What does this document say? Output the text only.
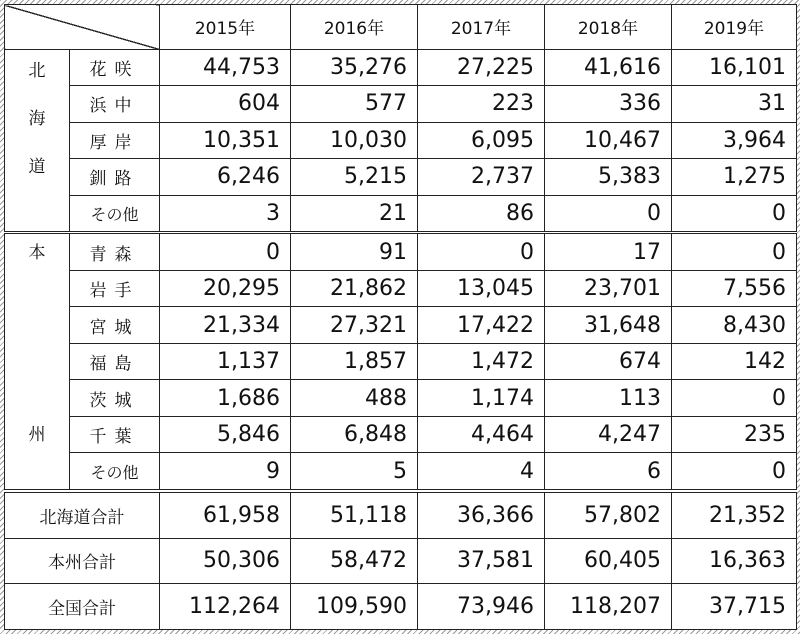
		2015年	2016年	2017年	2018年	2019年

北
海
道	花咲	44,753	35,276	27,225	41,616	16,101
	浜中	604	577	223	336	31
	厚岸	10,351	10,030	6,095	10,467	3,964
	釧路	6,246	5,215	2,737	5,383	1,275
	その他	3	21	86	0	0

本
州	青森	0	91	0	17	0
	岩手	20,295	21,862	13,045	23,701	7,556
	宮城	21,334	27,321	17,422	31,648	8,430
	福島	1,137	1,857	1,472	674	142
	茨城	1,686	488	1,174	113	0
	千葉	5,846	6,848	4,464	4,247	235
	その他	9	5	4	6	0
北海道合計		61,958	51,118	36,366	57,802	21,352
本州合計		50,306	58,472	37,581	60,405	16,363
全国合計		112,264	109,590	73,946	118,207	37,715
